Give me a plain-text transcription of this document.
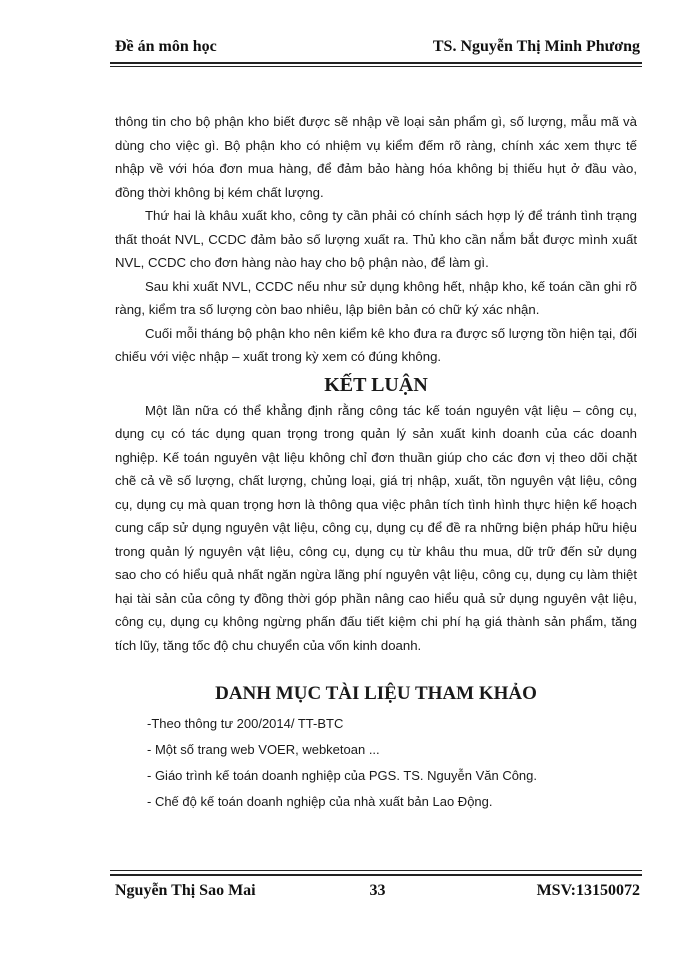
Đề án môn học	TS. Nguyễn Thị Minh Phương

thông tin cho bộ phận kho biết được sẽ nhập về loại sản phẩm gì, số lượng, mẫu mã và dùng cho việc gì. Bộ phận kho có nhiệm vụ kiểm đếm rõ ràng, chính xác xem thực tế nhập về với hóa đơn mua hàng, để đảm bảo hàng hóa không bị thiếu hụt ở đầu vào, đồng thời không bị kém chất lượng.

Thứ hai là khâu xuất kho, công ty cần phải có chính sách hợp lý để tránh tình trạng thất thoát NVL, CCDC đảm bảo số lượng xuất ra. Thủ kho cần nắm bắt được mình xuất NVL, CCDC cho đơn hàng nào hay cho bộ phận nào, để làm gì.

Sau khi xuất NVL, CCDC nếu như sử dụng không hết, nhập kho, kế toán cần ghi rõ ràng, kiểm tra số lượng còn bao nhiêu, lập biên bản có chữ ký xác nhận.

Cuối mỗi tháng bộ phận kho nên kiểm kê kho đưa ra được số lượng tồn hiện tại, đối chiếu với việc nhập – xuất trong kỳ xem có đúng không.

KẾT LUẬN

Một lần nữa có thể khẳng định rằng công tác kế toán nguyên vật liệu – công cụ, dụng cụ có tác dụng quan trọng trong quản lý sản xuất kinh doanh của các doanh nghiệp. Kế toán nguyên vật liệu không chỉ đơn thuần giúp cho các đơn vị theo dõi chặt chẽ cả về số lượng, chất lượng, chủng loại, giá trị nhập, xuất, tồn nguyên vật liệu, công cụ, dụng cụ mà quan trọng hơn là thông qua việc phân tích tình hình thực hiện kế hoạch cung cấp sử dụng nguyên vật liệu, công cụ, dụng cụ để đề ra những biện pháp hữu hiệu trong quản lý nguyên vật liệu, công cụ, dụng cụ từ khâu thu mua, dữ trữ đến sử dụng sao cho có hiểu quả nhất ngăn ngừa lãng phí nguyên vật liệu, công cụ, dụng cụ làm thiệt hại tài sản của công ty đồng thời góp phần nâng cao hiểu quả sử dụng nguyên vật liệu, công cụ, dụng cụ không ngừng phấn đấu tiết kiệm chi phí hạ giá thành sản phẩm, tăng tích lũy, tăng tốc độ chu chuyển của vốn kinh doanh.

DANH MỤC TÀI LIỆU THAM KHẢO
-Theo thông tư 200/2014/ TT-BTC
- Một số trang web VOER, webketoan ...
- Giáo trình kế toán doanh nghiệp của PGS. TS. Nguyễn Văn Công.
- Chế độ kế toán doanh nghiệp của nhà xuất bản Lao Động.
Nguyễn Thị Sao Mai	33	MSV:13150072
